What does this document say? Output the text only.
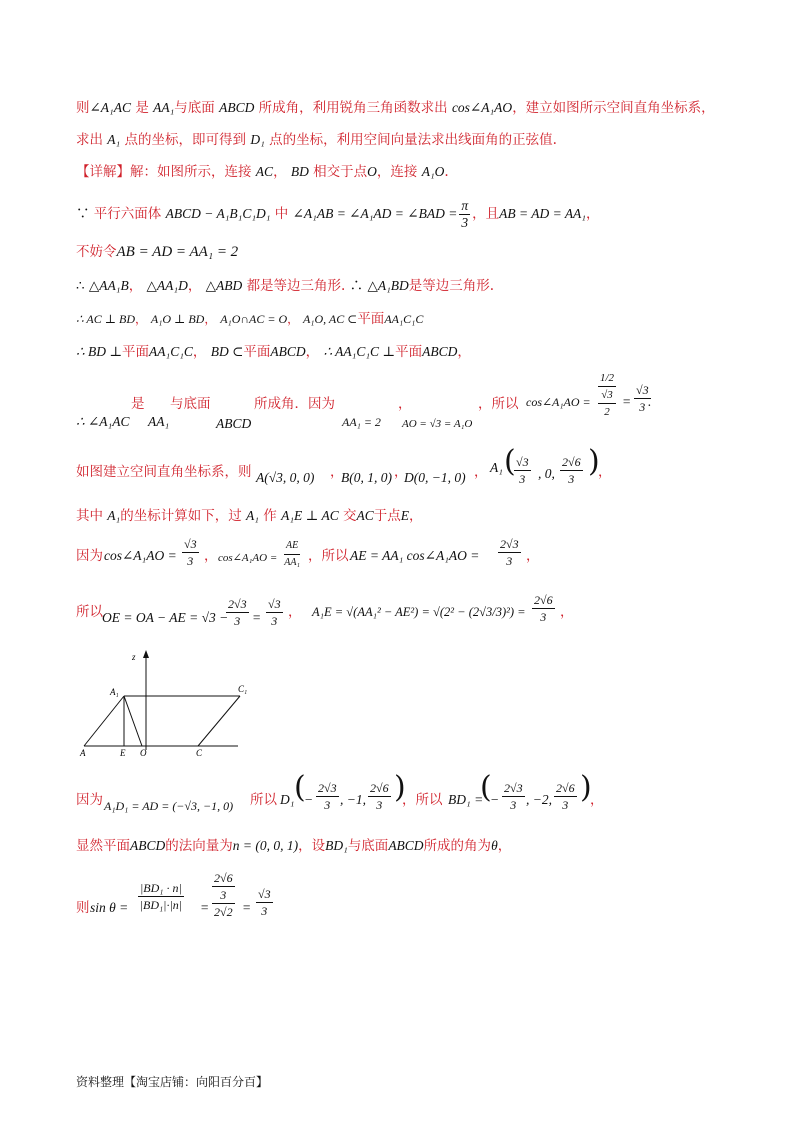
则∠A₁AC 是 AA₁与底面 ABCD 所成角，利用锐角三角函数求出 cos∠A₁AO，建立如图所示空间直角坐标系，
求出 A₁ 点的坐标，即可得到 D₁ 点的坐标，利用空间向量法求出线面角的正弦值.
【详解】解：如图所示，连接 AC， BD 相交于点O，连接 A₁O.
∵ 平行六面体 ABCD − A₁B₁C₁D₁ 中 ∠A₁AB = ∠A₁AD = ∠BAD = $\frac{\pi}{3}$ ，且AB = AD = AA₁，
不妨令AB = AD = AA₁ = 2
∴ △AA₁B， △AA₁D， △ABD 都是等边三角形. ∴ △A₁BD是等边三角形.
∴ AC ⊥ BD， A₁O ⊥ BD， A₁O∩AC = O， A₁O, AC ⊂平面AA₁C₁C
∴ BD ⊥平面AA₁C₁C， BD ⊂平面ABCD， ∴ AA₁C₁C ⊥平面ABCD，
∴ ∠A₁AC
是
AA₁
与底面
ABCD
所成角．因为
AA₁ = 2
，
AO = √3 = A₁O
，所以 cos∠A₁AO =
1/2
√3
2
= $\frac{√3}{3}$
.
如图建立空间直角坐标系，则 A(√3, 0, 0) ，
B(0, 1, 0) ，
D(0, −1, 0) ， A₁ (
$\frac{√3}{3}$ , 0, $\frac{2√6}{3}$ )
，
其中 A₁的坐标计算如下，过 A₁ 作 A₁E ⊥ AC 交AC于点E，
因为 cos∠A₁AO = $\frac{√3}{3}$ ， cos∠A₁AO = $\frac{AE}{\text{AA₁}}$ ，所以 AE = AA₁ cos∠A₁AO = $\frac{2√3}{3}$ ，
所以 OE = OA − AE = √3 −
$\frac{2√3}{3} = \frac{√3}{3}$ ， $A_1E = √(AA_1^2 - AE^2) = √(2^2 - (2√3/3)^2) = \frac{2√6}{3}$ ，
z
A₁	C₁
A	E O	C
因为 A₁D₁ = AD = (−√3, −1, 0) 所以 D₁ (
− $\frac{2√3}{3}$ , −1, $\frac{2√6}{3}$ )
，所以 BD₁ =
(
− $\frac{2√3}{3}$ , −2, $\frac{2√6}{3}$ )
，
显然平面ABCD的法向量为n = (0, 0, 1)，设BD₁与底面ABCD所成的角为θ，
则 $\sin \theta = \frac{\text{|BD₁ · n|}}{\text{|BD₁|·|n|}}$ =
2√6
3
$2√2 = \frac{√3}{3}$
资料整理【淘宝店铺：向阳百分百】
